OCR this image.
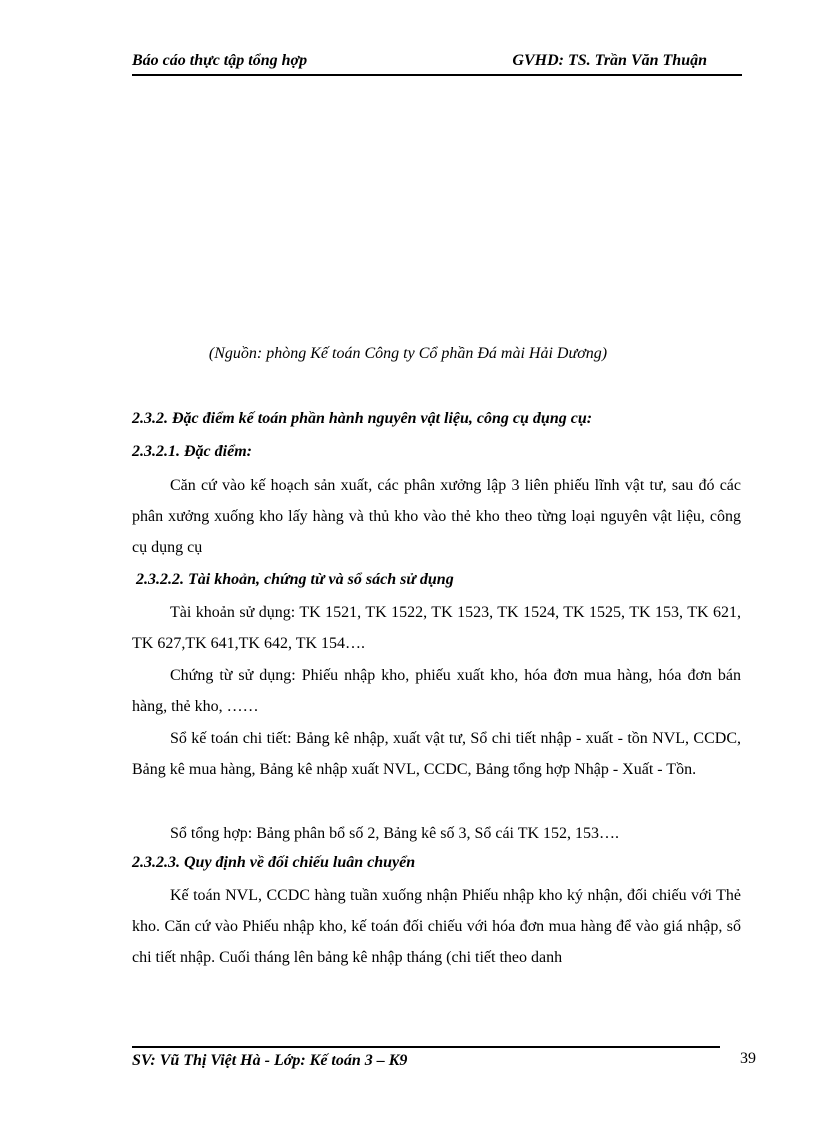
Báo cáo thực tập tổng hợp	GVHD: TS. Trần Văn Thuận
(Nguồn: phòng Kế toán Công ty Cổ phần Đá mài Hải Dương)
2.3.2. Đặc điểm kế toán phần hành nguyên vật liệu, công cụ dụng cụ:
2.3.2.1. Đặc điểm:
Căn cứ vào kế hoạch sản xuất, các phân xưởng lập 3 liên phiếu lĩnh vật tư, sau đó các phân xưởng xuống kho lấy hàng và thủ kho vào thẻ kho theo từng loại nguyên vật liệu, công cụ dụng cụ
2.3.2.2. Tài khoản, chứng từ và sổ sách sử dụng
Tài khoản sử dụng: TK 1521, TK 1522, TK 1523, TK 1524, TK 1525, TK 153, TK 621, TK 627,TK 641,TK 642, TK 154….
Chứng từ sử dụng: Phiếu nhập kho, phiếu xuất kho, hóa đơn mua hàng, hóa đơn bán hàng, thẻ kho, ……
Sổ kế toán chi tiết: Bảng kê nhập, xuất vật tư, Sổ chi tiết nhập - xuất - tồn NVL, CCDC, Bảng kê mua hàng, Bảng kê nhập xuất NVL, CCDC, Bảng tổng hợp Nhập - Xuất - Tồn.
Sổ tổng hợp: Bảng phân bổ số 2, Bảng kê số 3, Sổ cái TK 152, 153….
2.3.2.3. Quy định về đối chiếu luân chuyển
Kế toán NVL, CCDC hàng tuần xuống nhận Phiếu nhập kho ký nhận, đối chiếu với Thẻ kho. Căn cứ vào Phiếu nhập kho, kế toán đối chiếu với hóa đơn mua hàng để vào giá nhập, sổ chi tiết nhập. Cuối tháng lên bảng kê nhập tháng (chi tiết theo danh
SV: Vũ Thị Việt Hà - Lớp: Kế toán 3 – K9	39
